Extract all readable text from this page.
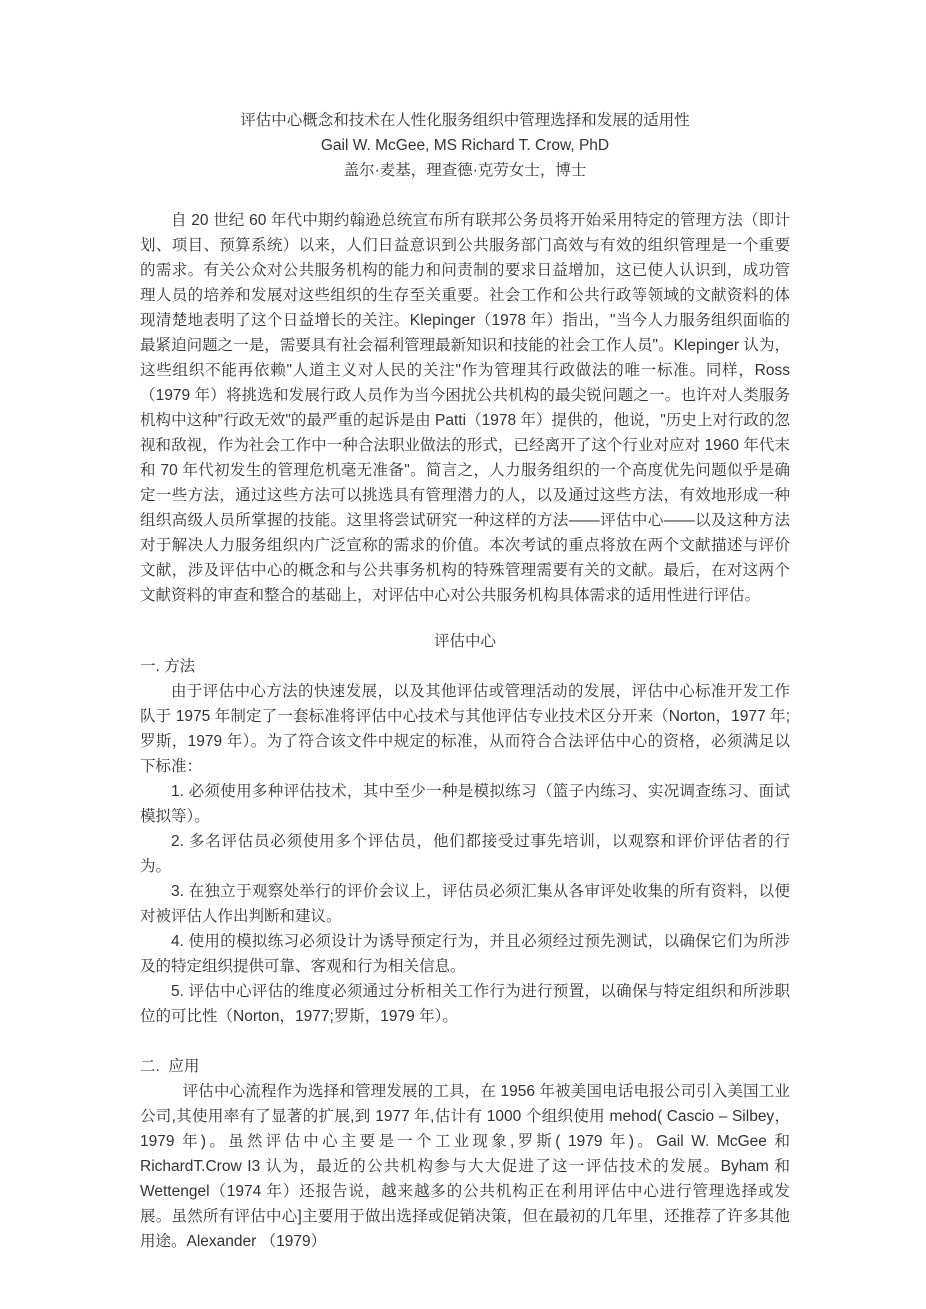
评估中心概念和技术在人性化服务组织中管理选择和发展的适用性
Gail W. McGee, MS Richard T. Crow, PhD
盖尔·麦基，理查德·克劳女士，博士

自 20 世纪 60 年代中期约翰逊总统宣布所有联邦公务员将开始采用特定的管理方法（即计划、项目、预算系统）以来，人们日益意识到公共服务部门高效与有效的组织管理是一个重要的需求。有关公众对公共服务机构的能力和问责制的要求日益增加，这已使人认识到，成功管理人员的培养和发展对这些组织的生存至关重要。社会工作和公共行政等领域的文献资料的体现清楚地表明了这个日益增长的关注。Klepinger（1978 年）指出，"当今人力服务组织面临的最紧迫问题之一是，需要具有社会福利管理最新知识和技能的社会工作人员"。Klepinger 认为，这些组织不能再依赖"人道主义对人民的关注"作为管理其行政做法的唯一标准。同样，Ross（1979 年）将挑选和发展行政人员作为当今困扰公共机构的最尖锐问题之一。也许对人类服务机构中这种"行政无效"的最严重的起诉是由 Patti（1978 年）提供的，他说，"历史上对行政的忽视和敌视，作为社会工作中一种合法职业做法的形式，已经离开了这个行业对应对 1960 年代末和 70 年代初发生的管理危机毫无准备"。简言之，人力服务组织的一个高度优先问题似乎是确定一些方法，通过这些方法可以挑选具有管理潜力的人，以及通过这些方法，有效地形成一种组织高级人员所掌握的技能。这里将尝试研究一种这样的方法——评估中心——以及这种方法对于解决人力服务组织内广泛宣称的需求的价值。本次考试的重点将放在两个文献描述与评价文献，涉及评估中心的概念和与公共事务机构的特殊管理需要有关的文献。最后，在对这两个文献资料的审查和整合的基础上，对评估中心对公共服务机构具体需求的适用性进行评估。

评估中心
一. 方法

由于评估中心方法的快速发展，以及其他评估或管理活动的发展，评估中心标准开发工作队于 1975 年制定了一套标准将评估中心技术与其他评估专业技术区分开来（Norton，1977 年;罗斯，1979 年）。为了符合该文件中规定的标准，从而符合合法评估中心的资格，必须满足以下标准：

1. 必须使用多种评估技术，其中至少一种是模拟练习（篮子内练习、实况调查练习、面试模拟等）。

2. 多名评估员必须使用多个评估员，他们都接受过事先培训，以观察和评价评估者的行为。

3. 在独立于观察处举行的评价会议上，评估员必须汇集从各审评处收集的所有资料，以便对被评估人作出判断和建议。

4. 使用的模拟练习必须设计为诱导预定行为，并且必须经过预先测试，以确保它们为所涉及的特定组织提供可靠、客观和行为相关信息。

5. 评估中心评估的维度必须通过分析相关工作行为进行预置，以确保与特定组织和所涉职位的可比性（Norton，1977;罗斯，1979 年）。

二.  应用

评估中心流程作为选择和管理发展的工具，在 1956 年被美国电话电报公司引入美国工业公司,其使用率有了显著的扩展,到 1977 年,估计有 1000 个组织使用 mehod( Cascio – Silbey，1979 年)。虽然评估中心主要是一个工业现象,罗斯( 1979 年)。Gail W. McGee 和 RichardT.Crow I3 认为，最近的公共机构参与大大促进了这一评估技术的发展。Byham 和 Wettengel（1974 年）还报告说，越来越多的公共机构正在利用评估中心进行管理选择或发展。虽然所有评估中心]主要用于做出选择或促销决策，但在最初的几年里，还推荐了许多其他用途。Alexander （1979）
